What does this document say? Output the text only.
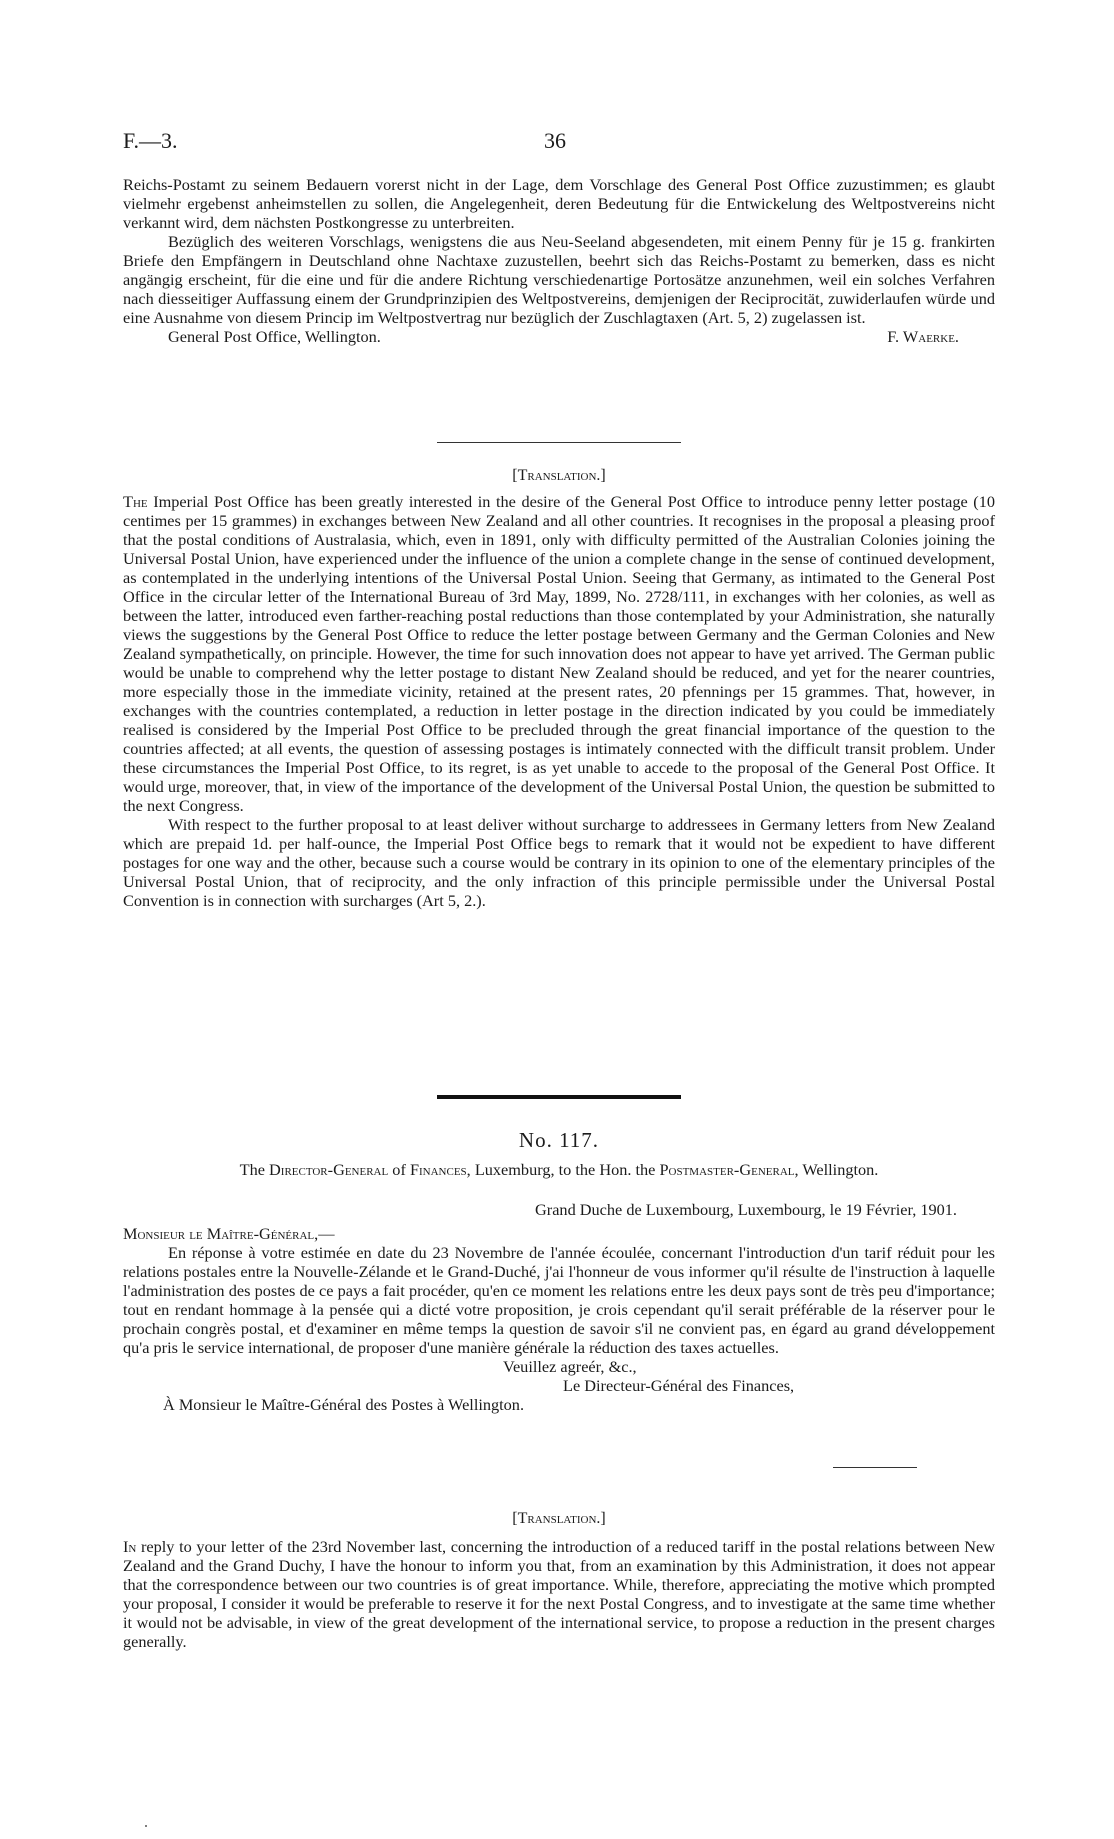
F.—3.	36

Reichs-Postamt zu seinem Bedauern vorerst nicht in der Lage, dem Vorschlage des General Post Office zuzustimmen; es glaubt vielmehr ergebenst anheimstellen zu sollen, die Angelegenheit, deren Bedeutung für die Entwickelung des Weltpostvereins nicht verkannt wird, dem nächsten Postkongresse zu unterbreiten.

Bezüglich des weiteren Vorschlags, wenigstens die aus Neu-Seeland abgesendeten, mit einem Penny für je 15 g. frankirten Briefe den Empfängern in Deutschland ohne Nachtaxe zuzustellen, beehrt sich das Reichs-Postamt zu bemerken, dass es nicht angängig erscheint, für die eine und für die andere Richtung verschiedenartige Portosätze anzunehmen, weil ein solches Verfahren nach diesseitiger Auffassung einem der Grundprinzipien des Weltpostvereins, demjenigen der Reciprocität, zuwiderlaufen würde und eine Ausnahme von diesem Princip im Weltpostvertrag nur bezüglich der Zuschlagtaxen (Art. 5, 2) zugelassen ist.

General Post Office, Wellington.	F. Waerke.
[Translation.]

The Imperial Post Office has been greatly interested in the desire of the General Post Office to introduce penny letter postage (10 centimes per 15 grammes) in exchanges between New Zealand and all other countries. It recognises in the proposal a pleasing proof that the postal conditions of Australasia, which, even in 1891, only with difficulty permitted of the Australian Colonies joining the Universal Postal Union, have experienced under the influence of the union a complete change in the sense of continued development, as contemplated in the underlying intentions of the Universal Postal Union. Seeing that Germany, as intimated to the General Post Office in the circular letter of the International Bureau of 3rd May, 1899, No. 2728/111, in exchanges with her colonies, as well as between the latter, introduced even farther-reaching postal reductions than those contemplated by your Administration, she naturally views the suggestions by the General Post Office to reduce the letter postage between Germany and the German Colonies and New Zealand sympathetically, on principle. However, the time for such innovation does not appear to have yet arrived. The German public would be unable to comprehend why the letter postage to distant New Zealand should be reduced, and yet for the nearer countries, more especially those in the immediate vicinity, retained at the present rates, 20 pfennings per 15 grammes. That, however, in exchanges with the countries contemplated, a reduction in letter postage in the direction indicated by you could be immediately realised is considered by the Imperial Post Office to be precluded through the great financial importance of the question to the countries affected; at all events, the question of assessing postages is intimately connected with the difficult transit problem. Under these circumstances the Imperial Post Office, to its regret, is as yet unable to accede to the proposal of the General Post Office. It would urge, moreover, that, in view of the importance of the development of the Universal Postal Union, the question be submitted to the next Congress.

With respect to the further proposal to at least deliver without surcharge to addressees in Germany letters from New Zealand which are prepaid 1d. per half-ounce, the Imperial Post Office begs to remark that it would not be expedient to have different postages for one way and the other, because such a course would be contrary in its opinion to one of the elementary principles of the Universal Postal Union, that of reciprocity, and the only infraction of this principle permissible under the Universal Postal Convention is in connection with surcharges (Art 5, 2.).

No. 117.
The Director-General of Finances, Luxemburg, to the Hon. the Postmaster-General, Wellington.
Grand Duche de Luxembourg, Luxembourg, le 19 Février, 1901.

Monsieur le Maître-Général,—

En réponse à votre estimée en date du 23 Novembre de l'année écoulée, concernant l'introduction d'un tarif réduit pour les relations postales entre la Nouvelle-Zélande et le Grand-Duché, j'ai l'honneur de vous informer qu'il résulte de l'instruction à laquelle l'administration des postes de ce pays a fait procéder, qu'en ce moment les relations entre les deux pays sont de très peu d'importance; tout en rendant hommage à la pensée qui a dicté votre proposition, je crois cependant qu'il serait préférable de la réserver pour le prochain congrès postal, et d'examiner en même temps la question de savoir s'il ne convient pas, en égard au grand développement qu'a pris le service international, de proposer d'une manière générale la réduction des taxes actuelles.

Veuillez agreér, &c.,

Le Directeur-Général des Finances,

À Monsieur le Maître-Général des Postes à Wellington.

[Translation.]

In reply to your letter of the 23rd November last, concerning the introduction of a reduced tariff in the postal relations between New Zealand and the Grand Duchy, I have the honour to inform you that, from an examination by this Administration, it does not appear that the correspondence between our two countries is of great importance. While, therefore, appreciating the motive which prompted your proposal, I consider it would be preferable to reserve it for the next Postal Congress, and to investigate at the same time whether it would not be advisable, in view of the great development of the international service, to propose a reduction in the present charges generally.
